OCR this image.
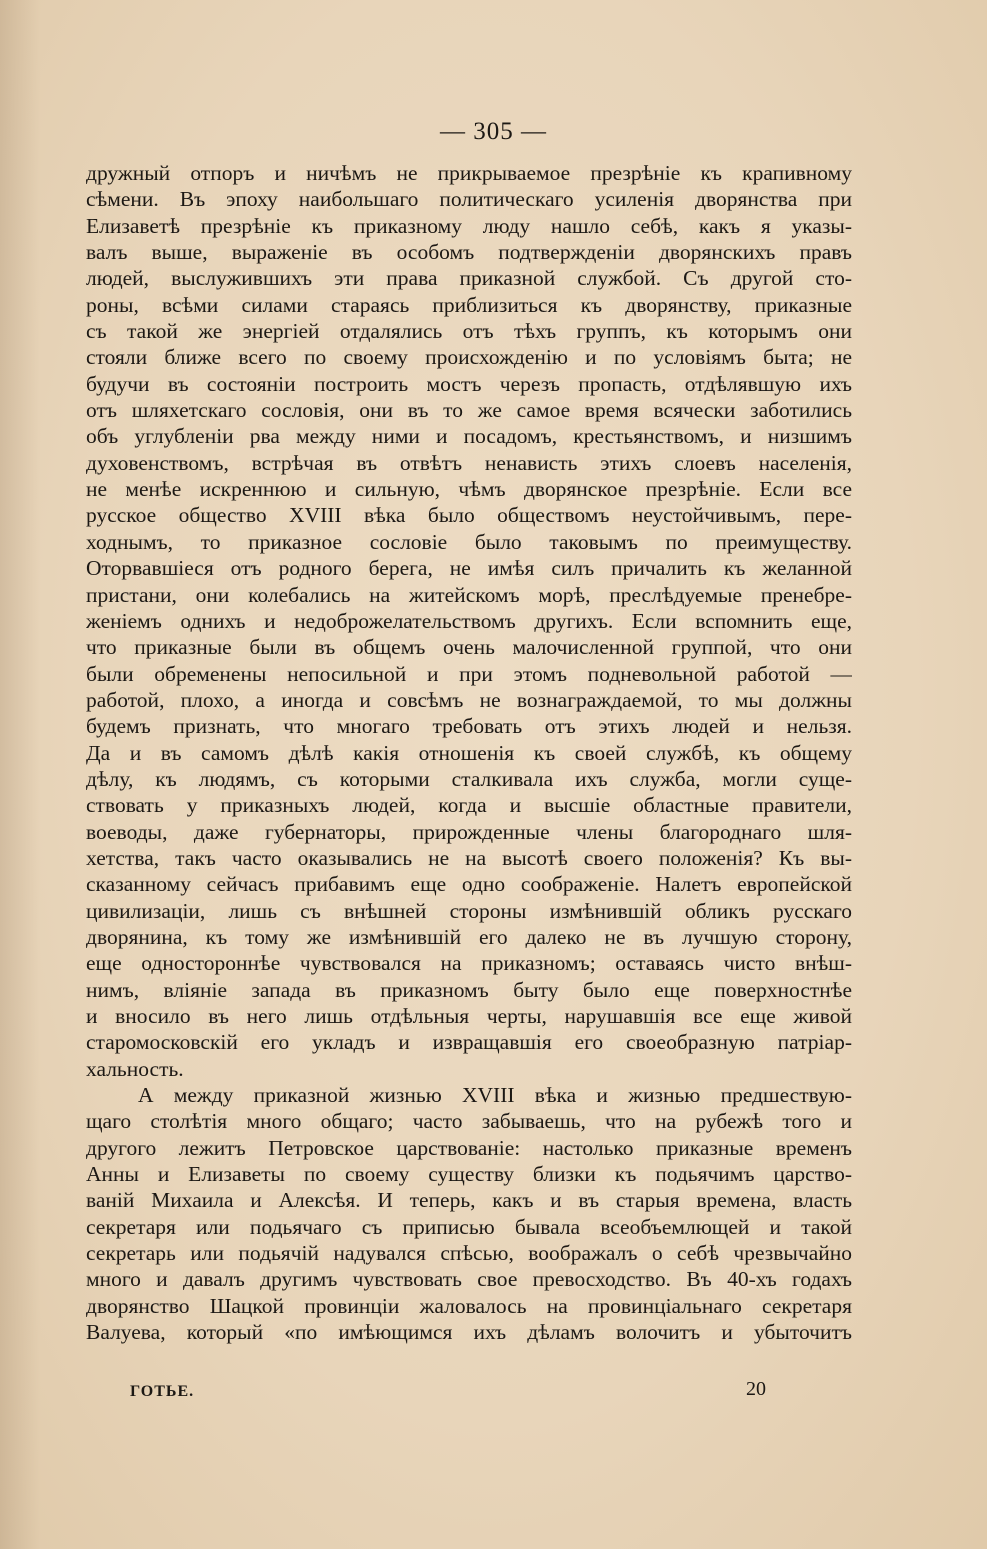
— 305 —
дружный отпоръ и ничѣмъ не прикрываемое презрѣніе къ крапивному
сѣмени. Въ эпоху наибольшаго политическаго усиленія дворянства при
Елизаветѣ презрѣніе къ приказному люду нашло себѣ, какъ я указы-
валъ выше, выраженіе въ особомъ подтвержденіи дворянскихъ правъ
людей, выслужившихъ эти права приказной службой. Съ другой сто-
роны, всѣми силами стараясь приблизиться къ дворянству, приказные
съ такой же энергіей отдалялись отъ тѣхъ группъ, къ которымъ они
стояли ближе всего по своему происхожденію и по условіямъ быта; не
будучи въ состояніи построить мостъ черезъ пропасть, отдѣлявшую ихъ
отъ шляхетскаго сословія, они въ то же самое время всячески заботились
объ углубленіи рва между ними и посадомъ, крестьянствомъ, и низшимъ
духовенствомъ, встрѣчая въ отвѣтъ ненависть этихъ слоевъ населенія,
не менѣе искреннюю и сильную, чѣмъ дворянское презрѣніе. Если все
русское общество XVIII вѣка было обществомъ неустойчивымъ, пере-
ходнымъ, то приказное сословіе было таковымъ по преимуществу.
Оторвавшіеся отъ родного берега, не имѣя силъ причалить къ желанной
пристани, они колебались на житейскомъ морѣ, преслѣдуемые пренебре-
женіемъ однихъ и недоброжелательствомъ другихъ. Если вспомнить еще,
что приказные были въ общемъ очень малочисленной группой, что они
были обременены непосильной и при этомъ подневольной работой —
работой, плохо, а иногда и совсѣмъ не вознаграждаемой, то мы должны
будемъ признать, что многаго требовать отъ этихъ людей и нельзя.
Да и въ самомъ дѣлѣ какія отношенія къ своей службѣ, къ общему
дѣлу, къ людямъ, съ которыми сталкивала ихъ служба, могли суще-
ствовать у приказныхъ людей, когда и высшіе областные правители,
воеводы, даже губернаторы, прирожденные члены благороднаго шля-
хетства, такъ часто оказывались не на высотѣ своего положенія? Къ вы-
сказанному сейчасъ прибавимъ еще одно соображеніе. Налетъ европейской
цивилизаціи, лишь съ внѣшней стороны измѣнившій обликъ русскаго
дворянина, къ тому же измѣнившій его далеко не въ лучшую сторону,
еще одностороннѣе чувствовался на приказномъ; оставаясь чисто внѣш-
нимъ, вліяніе запада въ приказномъ быту было еще поверхностнѣе
и вносило въ него лишь отдѣльныя черты, нарушавшія все еще живой
старомосковскій его укладъ и извращавшія его своеобразную патріар-
хальность.
А между приказной жизнью XVIII вѣка и жизнью предшествую-
щаго столѣтія много общаго; часто забываешь, что на рубежѣ того и
другого лежитъ Петровское царствованіе: настолько приказные временъ
Анны и Елизаветы по своему существу близки къ подьячимъ царство-
ваній Михаила и Алексѣя. И теперь, какъ и въ старыя времена, власть
секретаря или подьячаго съ приписью бывала всеобъемлющей и такой
секретарь или подьячій надувался спѣсью, воображалъ о себѣ чрезвычайно
много и давалъ другимъ чувствовать свое превосходство. Въ 40-хъ годахъ
дворянство Шацкой провинціи жаловалось на провинціальнаго секретаря
Валуева, который «по имѣющимся ихъ дѣламъ волочитъ и убыточитъ
ГОТЬЕ.	20
